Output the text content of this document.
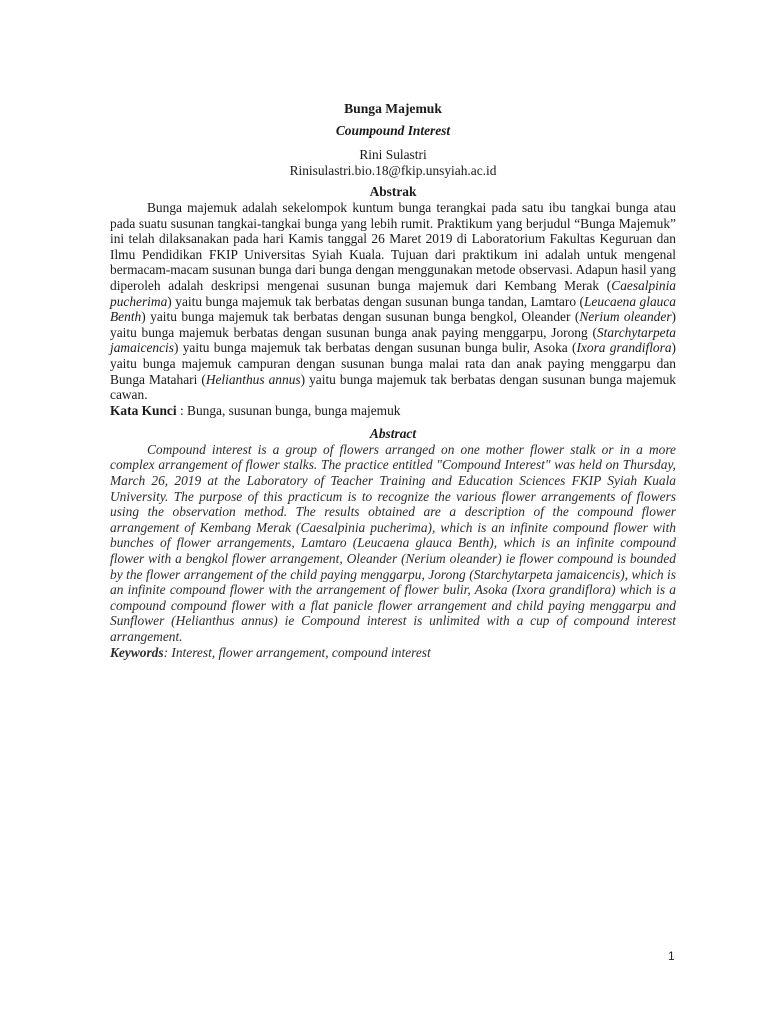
Bunga Majemuk
Coumpound Interest
Rini Sulastri
Rinisulastri.bio.18@fkip.unsyiah.ac.id
Abstrak
Bunga majemuk adalah sekelompok kuntum bunga terangkai pada satu ibu tangkai bunga atau pada suatu susunan tangkai-tangkai bunga yang lebih rumit. Praktikum yang berjudul “Bunga Majemuk” ini telah dilaksanakan pada hari Kamis tanggal 26 Maret 2019 di Laboratorium Fakultas Keguruan dan Ilmu Pendidikan FKIP Universitas Syiah Kuala. Tujuan dari praktikum ini adalah untuk mengenal bermacam-macam susunan bunga dari bunga dengan menggunakan metode observasi. Adapun hasil yang diperoleh adalah deskripsi mengenai susunan bunga majemuk dari Kembang Merak (Caesalpinia pucherima) yaitu bunga majemuk tak berbatas dengan susunan bunga tandan, Lamtaro (Leucaena glauca Benth) yaitu bunga majemuk tak berbatas dengan susunan bunga bengkol, Oleander (Nerium oleander) yaitu bunga majemuk berbatas dengan susunan bunga anak paying menggarpu, Jorong (Starchytarpeta jamaicencis) yaitu bunga majemuk tak berbatas dengan susunan bunga bulir, Asoka (Ixora grandiflora) yaitu bunga majemuk campuran dengan susunan bunga malai rata dan anak paying menggarpu dan Bunga Matahari (Helianthus annus) yaitu bunga majemuk tak berbatas dengan susunan bunga majemuk cawan.
Kata Kunci : Bunga, susunan bunga, bunga majemuk
Abstract
Compound interest is a group of flowers arranged on one mother flower stalk or in a more complex arrangement of flower stalks. The practice entitled "Compound Interest" was held on Thursday, March 26, 2019 at the Laboratory of Teacher Training and Education Sciences FKIP Syiah Kuala University. The purpose of this practicum is to recognize the various flower arrangements of flowers using the observation method. The results obtained are a description of the compound flower arrangement of Kembang Merak (Caesalpinia pucherima), which is an infinite compound flower with bunches of flower arrangements, Lamtaro (Leucaena glauca Benth), which is an infinite compound flower with a bengkol flower arrangement, Oleander (Nerium oleander) ie flower compound is bounded by the flower arrangement of the child paying menggarpu, Jorong (Starchytarpeta jamaicencis), which is an infinite compound flower with the arrangement of flower bulir, Asoka (Ixora grandiflora) which is a compound compound flower with a flat panicle flower arrangement and child paying menggarpu and Sunflower (Helianthus annus) ie Compound interest is unlimited with a cup of compound interest arrangement.
Keywords: Interest, flower arrangement, compound interest
1
